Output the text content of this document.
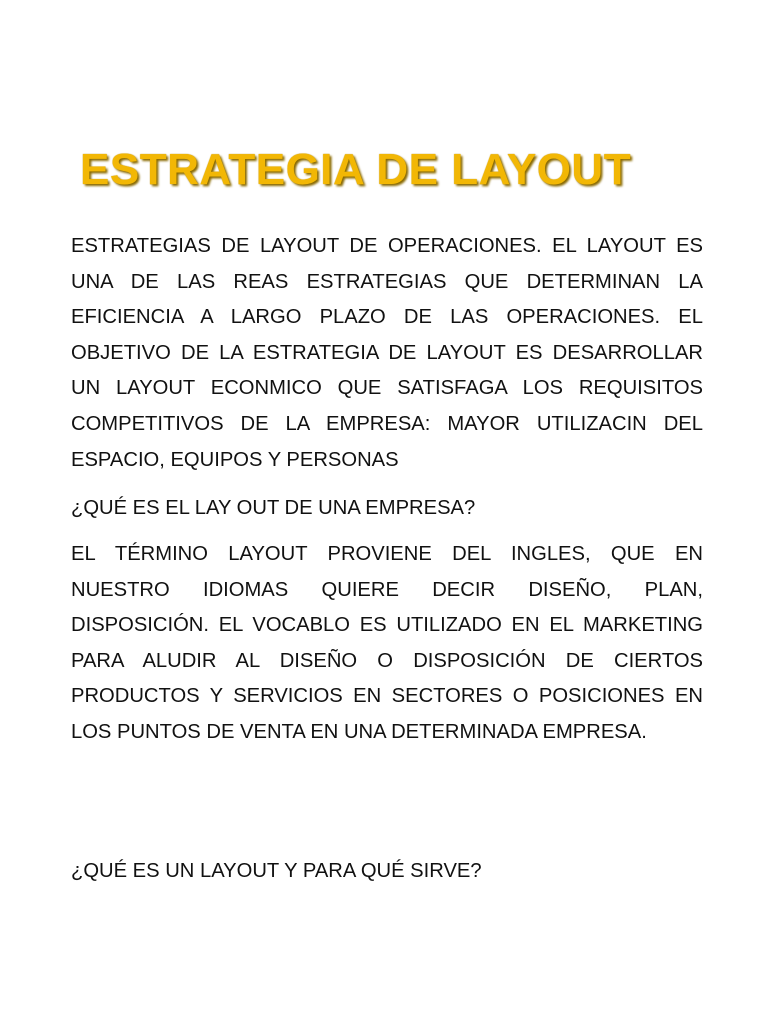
ESTRATEGIA DE LAYOUT

ESTRATEGIAS DE LAYOUT DE OPERACIONES. EL LAYOUT ES UNA DE LAS REAS ESTRATEGIAS QUE DETERMINAN LA EFICIENCIA A LARGO PLAZO DE LAS OPERACIONES. EL OBJETIVO DE LA ESTRATEGIA DE LAYOUT ES DESARROLLAR UN LAYOUT ECONMICO QUE SATISFAGA LOS REQUISITOS COMPETITIVOS DE LA EMPRESA: MAYOR UTILIZACIN DEL ESPACIO, EQUIPOS Y PERSONAS

¿QUÉ ES EL LAY OUT DE UNA EMPRESA?

EL TÉRMINO LAYOUT PROVIENE DEL INGLES, QUE EN NUESTRO IDIOMAS QUIERE DECIR DISEÑO, PLAN, DISPOSICIÓN. EL VOCABLO ES UTILIZADO EN EL MARKETING PARA ALUDIR AL DISEÑO O DISPOSICIÓN DE CIERTOS PRODUCTOS Y SERVICIOS EN SECTORES O POSICIONES EN LOS PUNTOS DE VENTA EN UNA DETERMINADA EMPRESA.

¿QUÉ ES UN LAYOUT Y PARA QUÉ SIRVE?
